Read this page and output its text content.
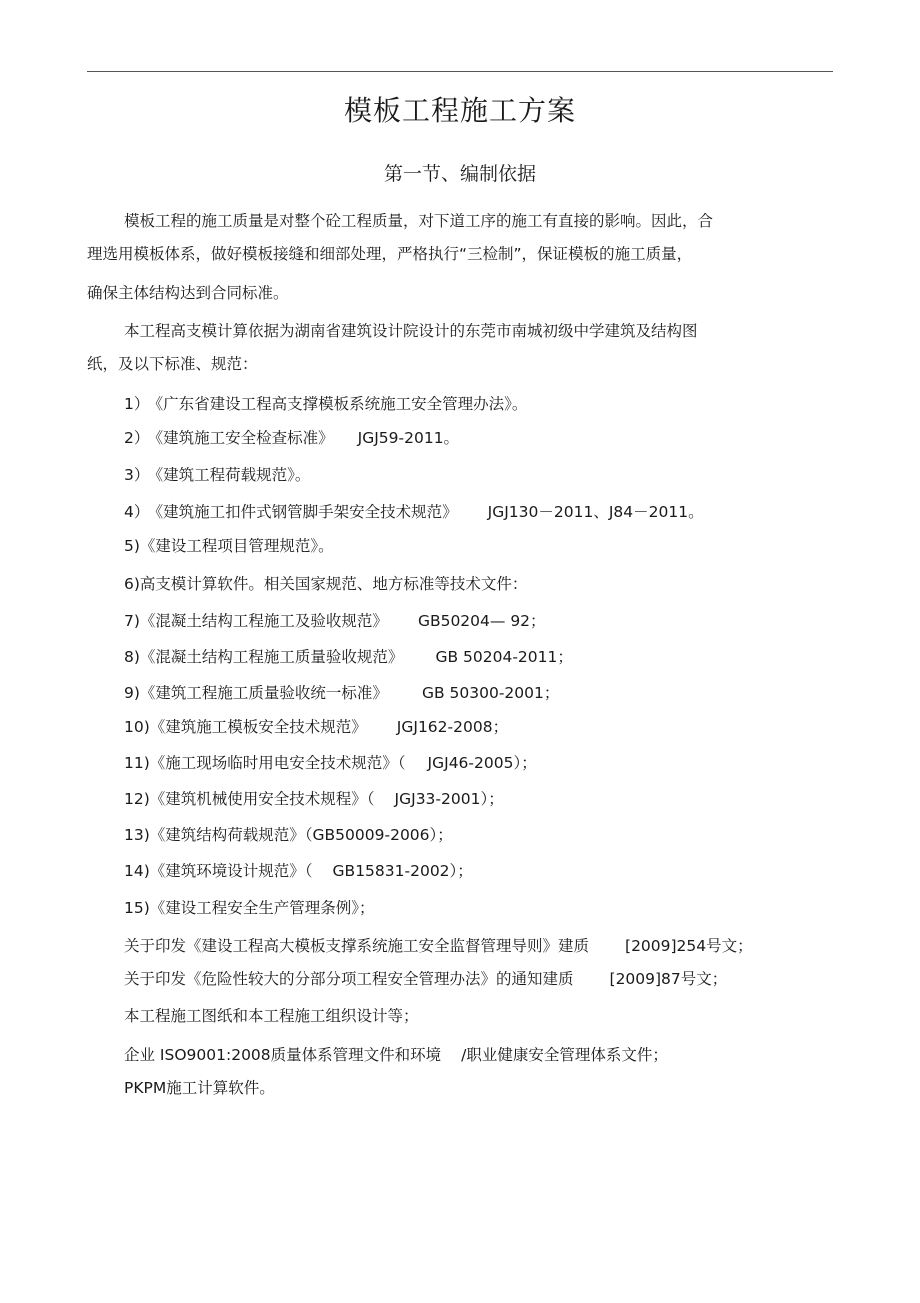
模板工程施工方案
第一节、编制依据
模板工程的施工质量是对整个砼工程质量，对下道工序的施工有直接的影响。因此，合
理选用模板体系，做好模板接缝和细部处理，严格执行“三检制”，保证模板的施工质量，
确保主体结构达到合同标准。
本工程高支模计算依据为湖南省建筑设计院设计的东莞市南城初级中学建筑及结构图
纸，及以下标准、规范：
1） 《广东省建设工程高支撑模板系统施工安全管理办法》。
2） 《建筑施工安全检查标准》 JGJ59-2011。
3） 《建筑工程荷载规范》。
4） 《建筑施工扣件式钢管脚手架安全技术规范》 JGJ130－2011、J84－2011。
5)《建设工程项目管理规范》。
6)高支模计算软件。相关国家规范、地方标准等技术文件：
7)《混凝土结构工程施工及验收规范》 GB50204— 92；
8)《混凝土结构工程施工质量验收规范》 GB 50204-2011；
9)《建筑工程施工质量验收统一标准》 GB 50300-2001；
10)《建筑施工模板安全技术规范》 JGJ162-2008；
11)《施工现场临时用电安全技术规范》（ JGJ46-2005）；
12)《建筑机械使用安全技术规程》（ JGJ33-2001）；
13)《建筑结构荷载规范》（GB50009-2006）；
14)《建筑环境设计规范》（ GB15831-2002）；
15)《建设工程安全生产管理条例》；
关于印发《建设工程高大模板支撑系统施工安全监督管理导则》建质 [2009]254号文；
关于印发《危险性较大的分部分项工程安全管理办法》的通知建质 [2009]87号文；
本工程施工图纸和本工程施工组织设计等；
企业 ISO9001:2008质量体系管理文件和环境 /职业健康安全管理体系文件；
PKPM施工计算软件。
